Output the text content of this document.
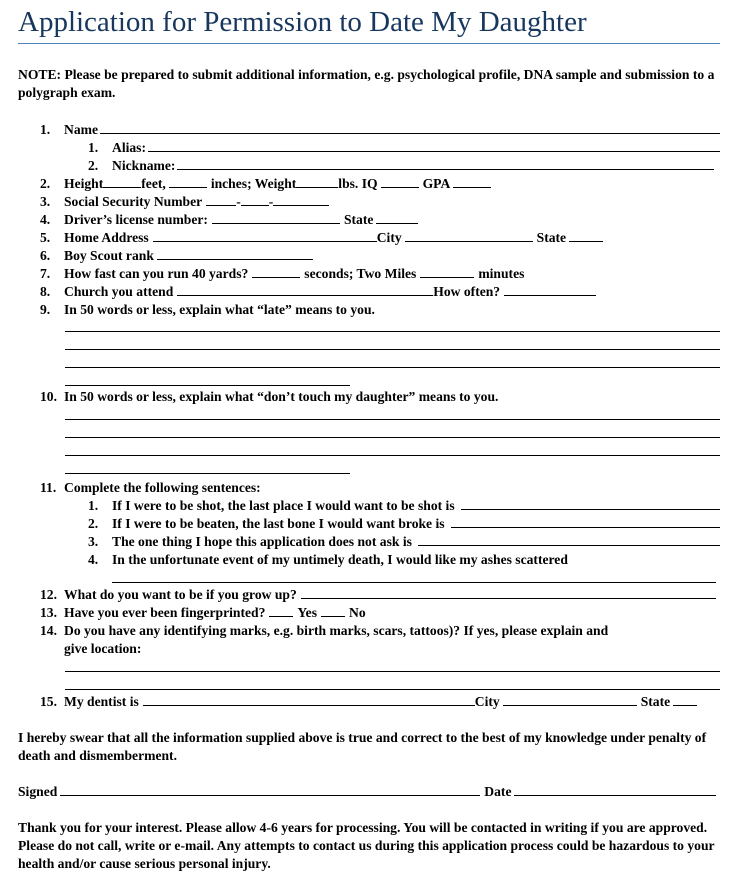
Application for Permission to Date My Daughter
NOTE: Please be prepared to submit additional information, e.g. psychological profile, DNA sample and submission to a polygraph exam.
1.	Name
1.	Alias:
2.	Nickname:
2.	Height	feet,	inches; Weight	lbs. IQ	GPA
3.	Social Security Number	- -
4.	Driver’s license number:	State
5.	Home Address	City	State
6.	Boy Scout rank
7.	How fast can you run 40 yards?	seconds; Two Miles	minutes
8.	Church you attend	How often?
9.	In 50 words or less, explain what “late” means to you.
10. In 50 words or less, explain what “don’t touch my daughter” means to you.
11. Complete the following sentences:
1.	If I were to be shot, the last place I would want to be shot is
2.	If I were to be beaten, the last bone I would want broke is
3.	The one thing I hope this application does not ask is
4.	In the unfortunate event of my untimely death, I would like my ashes scattered
12. What do you want to be if you grow up?
13. Have you ever been fingerprinted? Yes No
14. Do you have any identifying marks, e.g. birth marks, scars, tattoos)? If yes, please explain and
give location:
15. My dentist is	City	State
I hereby swear that all the information supplied above is true and correct to the best of my knowledge under penalty of death and dismemberment.
Signed	Date
Thank you for your interest. Please allow 4-6 years for processing. You will be contacted in writing if you are approved. Please do not call, write or e-mail. Any attempts to contact us during this application process could be hazardous to your health and/or cause serious personal injury.
